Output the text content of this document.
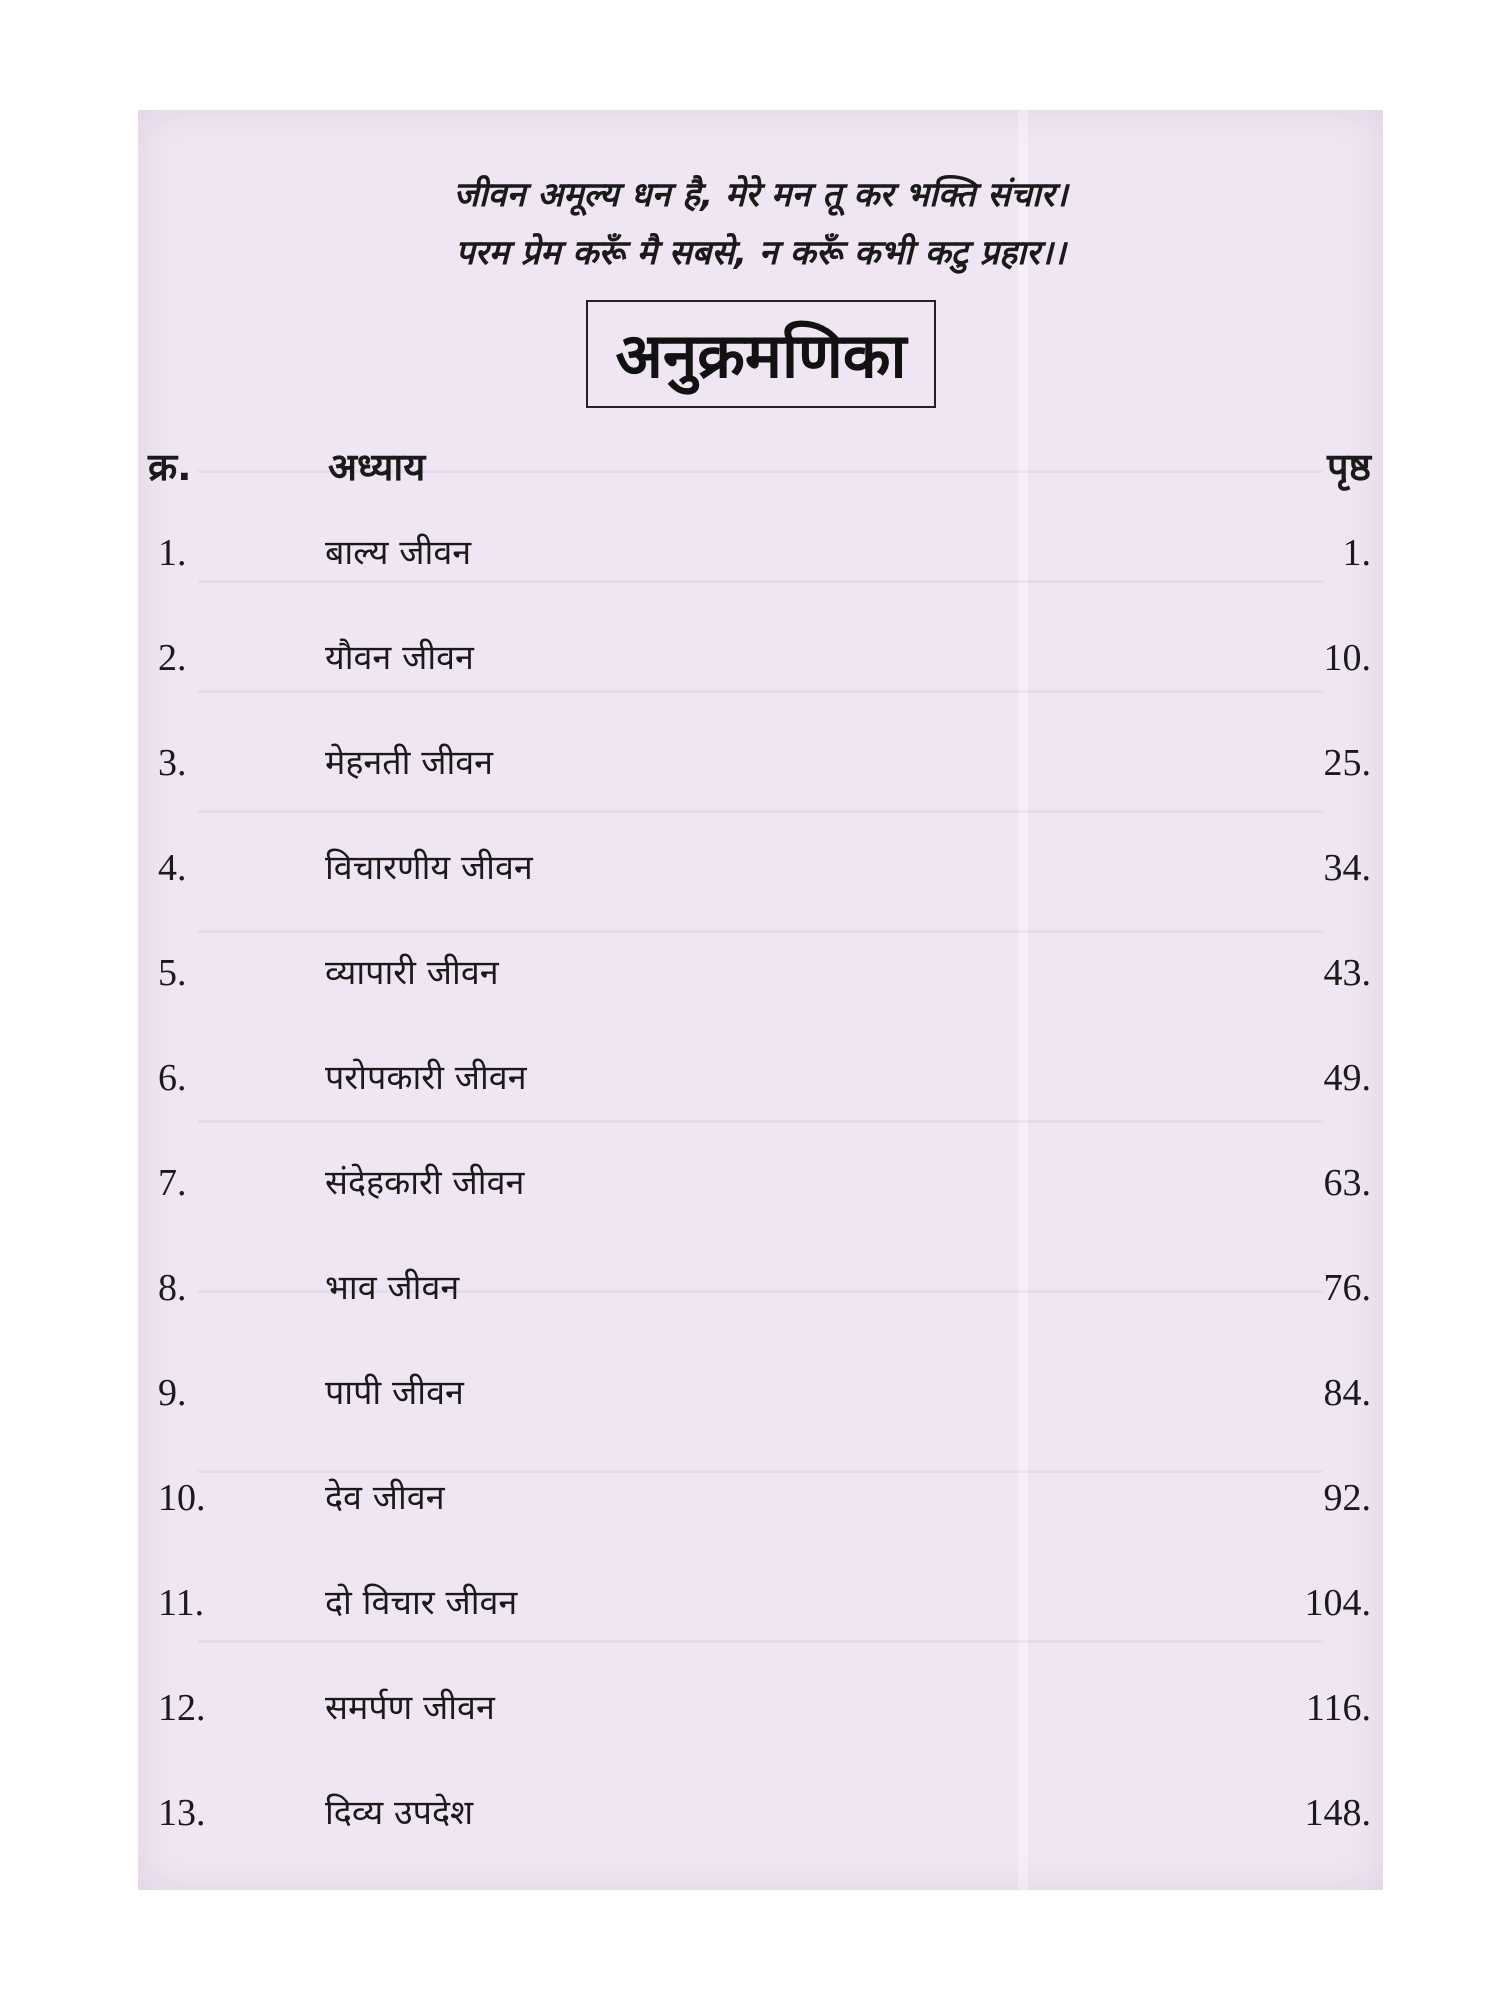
जीवन अमूल्य धन है, मेरे मन तू कर भक्ति संचार।
परम प्रेम करूँ मै सबसे, न करूँ कभी कटु प्रहार।।
अनुक्रमणिका
क्र.	अध्याय	पृष्ठ
1.	बाल्य जीवन	1.
2.	यौवन जीवन	10.
3.	मेहनती जीवन	25.
4.	विचारणीय जीवन	34.
5.	व्यापारी जीवन	43.
6.	परोपकारी जीवन	49.
7.	संदेहकारी जीवन	63.
8.	भाव जीवन	76.
9.	पापी जीवन	84.
10.	देव जीवन	92.
11.	दो विचार जीवन	104.
12.	समर्पण जीवन	116.
13.	दिव्य उपदेश	148.
